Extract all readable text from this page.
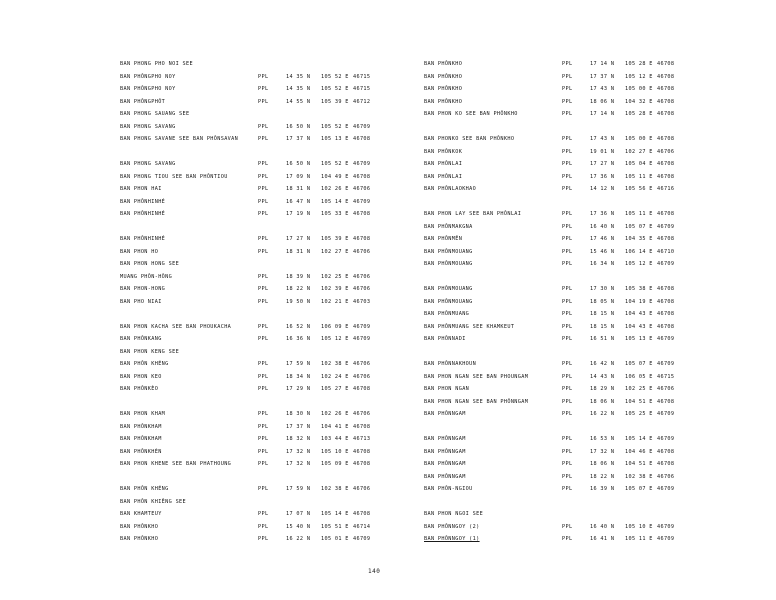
BAN PHONG PHO NOI SEE
BAN PHÔNGPHO NOY	PPL	14 35 N 105 52 E 46715
BAN PHÔNGPHO NOY	PPL	14 35 N 105 52 E 46715
BAN PHÔNGPHÔT	PPL	14 55 N 105 39 E 46712
BAN PHONG SAUANG SEE
BAN PHONG SAVANG	PPL	16 50 N 105 52 E 46709
BAN PHONG SAVANE SEE BAN PHÔNSAVAN	PPL	17 37 N 105 13 E 46708
BAN PHONG SAVANG	PPL	16 50 N 105 52 E 46709
BAN PHONG TIOU SEE BAN PHÔNTIOU	PPL	17 09 N 104 49 E 46708
BAN PHON HAI	PPL	18 31 N 102 26 E 46706
BAN PHÔNHINHÉ	PPL	16 47 N 105 14 E 46709
BAN PHÔNHINHÉ	PPL	17 19 N 105 33 E 46708
BAN PHÔNHINHÉ	PPL	17 27 N 105 39 E 46708
BAN PHON HO	PPL	18 31 N 102 27 E 46706
BAN PHON HONG SEE
MUANG PHÔN-HÔNG	PPL	18 39 N 102 25 E 46706
BAN PHON-HONG	PPL	18 22 N 102 39 E 46706
BAN PHO NIAI	PPL	19 50 N 102 21 E 46703
BAN PHON KACHA SEE BAN PHOUKACHA	PPL	16 52 N 106 09 E 46709
BAN PHÔNKANG	PPL	16 36 N 105 12 E 46709
BAN PHON KENG SEE
BAN PHÔN KHÉNG	PPL	17 59 N 102 38 E 46706
BAN PHON KEO	PPL	18 34 N 102 24 E 46706
BAN PHÔNKÈO	PPL	17 29 N 105 27 E 46708
BAN PHON KHAM	PPL	18 30 N 102 26 E 46706
BAN PHÔNKHAM	PPL	17 37 N 104 41 E 46708
BAN PHÔNKHAM	PPL	18 32 N 103 44 E 46713
BAN PHÔNKHÈN	PPL	17 32 N 105 10 E 46708
BAN PHON KHENE SEE BAN PHATHOUNG	PPL	17 32 N 105 09 E 46708
BAN PHÔN KHÉNG	PPL	17 59 N 102 38 E 46706
BAN PHÔN KHIÊNG SEE
BAN KHAMTEUY	PPL	17 07 N 105 14 E 46708
BAN PHÔNKHO	PPL	15 40 N 105 51 E 46714
BAN PHÔNKHO	PPL	16 22 N 105 01 E 46709
BAN PHÔNKHO	PPL	17 14 N 105 28 E 46708
BAN PHÔNKHO	PPL	17 37 N 105 12 E 46708
BAN PHÔNKHO	PPL	17 43 N 105 00 E 46708
BAN PHÔNKHO	PPL	18 06 N 104 32 E 46708
BAN PHON KO SEE BAN PHÔNKHO	PPL	17 14 N 105 28 E 46708
BAN PHONKO SEE BAN PHÔNKHO	PPL	17 43 N 105 00 E 46708
BAN PHÔNKOK	PPL	19 01 N 102 27 E 46706
BAN PHÔNLAI	PPL	17 27 N 105 04 E 46708
BAN PHÔNLAI	PPL	17 36 N 105 11 E 46708
BAN PHÔNLAOKHAO	PPL	14 12 N 105 56 E 46716
BAN PHON LAY SEE BAN PHÔNLAI	PPL	17 36 N 105 11 E 46708
BAN PHÔNMAKGNA	PPL	16 40 N 105 07 E 46709
BAN PHÔNMÊN	PPL	17 46 N 104 35 E 46708
BAN PHÔNMOUANG	PPL	15 46 N 106 14 E 46710
BAN PHÔNMOUANG	PPL	16 34 N 105 12 E 46709
BAN PHÔNMOUANG	PPL	17 30 N 105 38 E 46708
BAN PHÔNMOUANG	PPL	18 05 N 104 19 E 46708
BAN PHÔNMUANG	PPL	18 15 N 104 43 E 46708
BAN PHÔNMUANG SEE KHAMKEUT	PPL	18 15 N 104 43 E 46708
BAN PHÔNNADI	PPL	16 51 N 105 13 E 46709
BAN PHÔNNAKHOUN	PPL	16 42 N 105 07 E 46709
BAN PHON NGAN SEE BAN PHOUNGAM	PPL	14 43 N 106 05 E 46715
BAN PHON NGAN	PPL	18 29 N 102 25 E 46706
BAN PHON NGAN SEE BAN PHÔNNGAM	PPL	18 06 N 104 51 E 46708
BAN PHÔNNGAM	PPL	16 22 N 105 25 E 46709
BAN PHÔNNGAM	PPL	16 53 N 105 14 E 46709
BAN PHÔNNGAM	PPL	17 32 N 104 46 E 46708
BAN PHÔNNGAM	PPL	18 06 N 104 51 E 46708
BAN PHÔNNGAM	PPL	18 22 N 102 38 E 46706
BAN PHÔN-NGIOU	PPL	16 39 N 105 07 E 46709
BAN PHON NGOI SEE
BAN PHÔNNGOY (2)	PPL	16 40 N 105 10 E 46709
BAN PHÔNNGOY (1)	PPL	16 41 N 105 11 E 46709
140
